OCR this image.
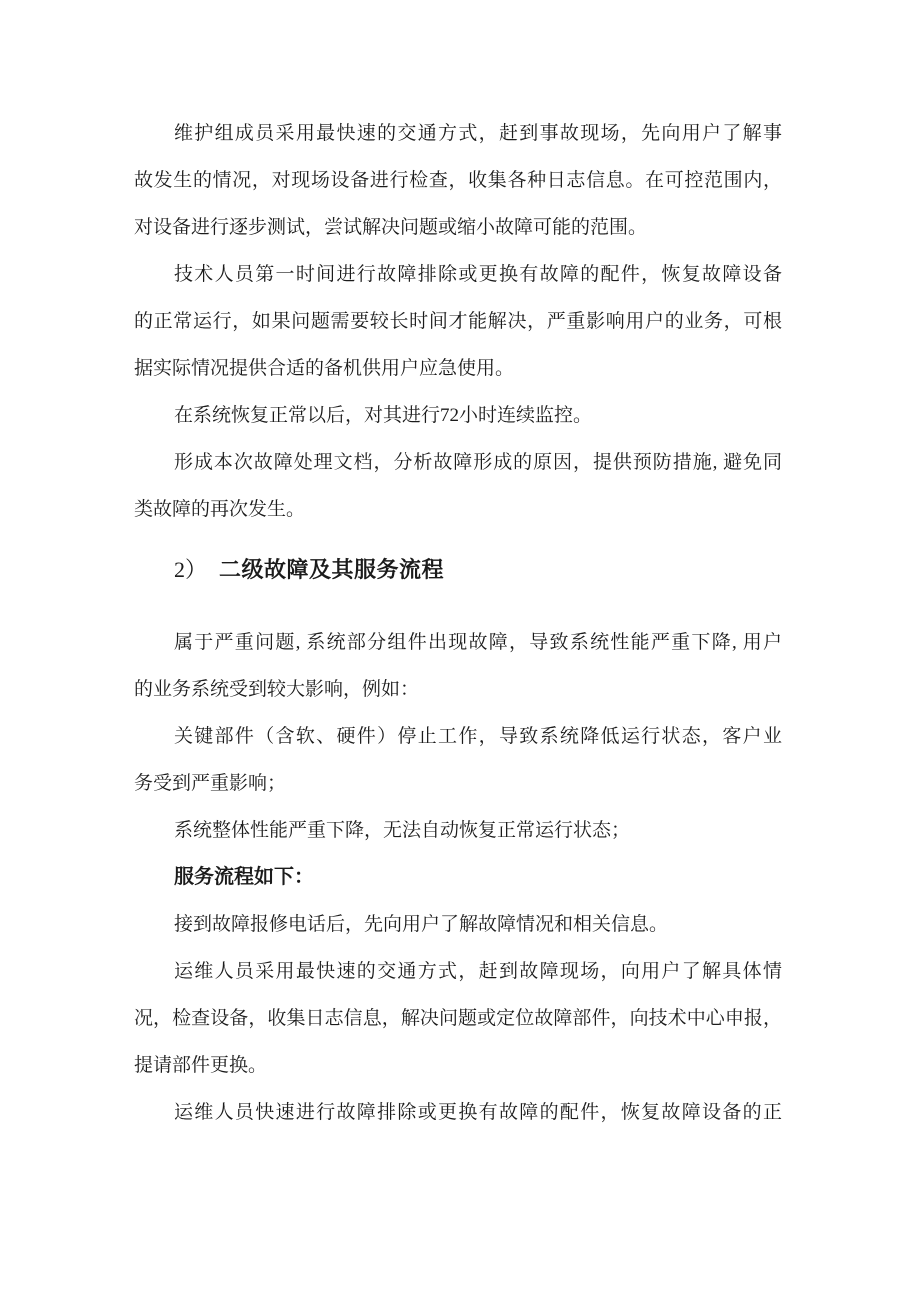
维护组成员采用最快速的交通方式，赶到事故现场，先向用户了解事
故发生的情况，对现场设备进行检查，收集各种日志信息。在可控范围内，
对设备进行逐步测试，尝试解决问题或缩小故障可能的范围。
技术人员第一时间进行故障排除或更换有故障的配件，恢复故障设备
的正常运行，如果问题需要较长时间才能解决，严重影响用户的业务，可根
据实际情况提供合适的备机供用户应急使用。
在系统恢复正常以后，对其进行72小时连续监控。
形成本次故障处理文档，分析故障形成的原因，提供预防措施, 避免同
类故障的再次发生。
2） 二级故障及其服务流程
属于严重问题, 系统部分组件出现故障，导致系统性能严重下降, 用户
的业务系统受到较大影响，例如：
关键部件（含软、硬件）停止工作，导致系统降低运行状态，客户业
务受到严重影响；
系统整体性能严重下降，无法自动恢复正常运行状态；
服务流程如下：
接到故障报修电话后，先向用户了解故障情况和相关信息。
运维人员采用最快速的交通方式，赶到故障现场，向用户了解具体情
况，检查设备，收集日志信息，解决问题或定位故障部件，向技术中心申报，
提请部件更换。
运维人员快速进行故障排除或更换有故障的配件，恢复故障设备的正
